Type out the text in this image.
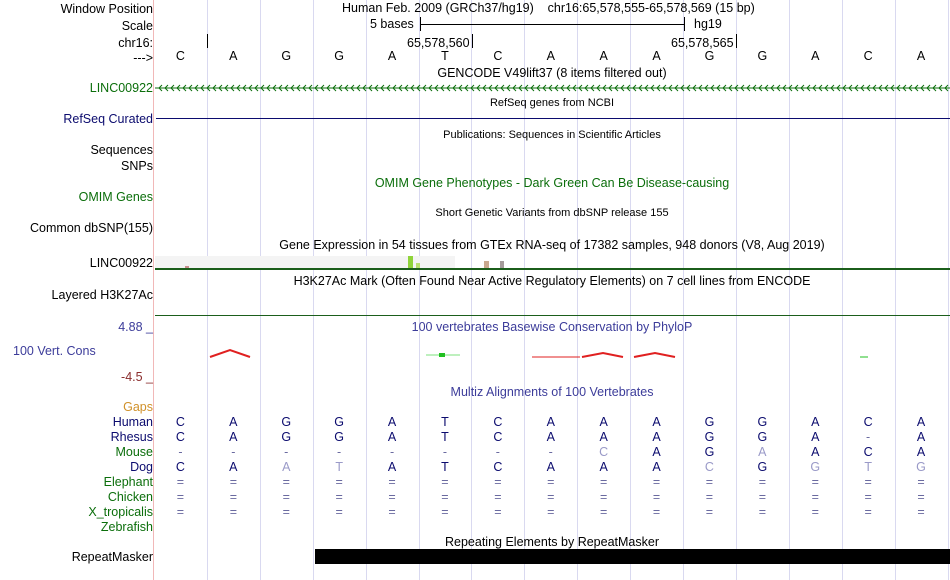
Window Position	Human Feb. 2009 (GRCh37/hg19)    chr16:65,578,555-65,578,569 (15 bp)
Scale	5 bases	hg19
chr16:	65,578,560	65,578,565
---> C	A	G	G	A	T	C	A	A	A	G	G	A	C	A
GENCODE V49lift37 (8 items filtered out)
LINC00922
RefSeq genes from NCBI
RefSeq Curated
Publications: Sequences in Scientific Articles
Sequences
SNPs
OMIM Gene Phenotypes - Dark Green Can Be Disease-causing
OMIM Genes
Short Genetic Variants from dbSNP release 155
Common dbSNP(155)
Gene Expression in 54 tissues from GTEx RNA-seq of 17382 samples, 948 donors (V8, Aug 2019)
LINC00922
H3K27Ac Mark (Often Found Near Active Regulatory Elements) on 7 cell lines from ENCODE
Layered H3K27Ac
4.88 _	100 vertebrates Basewise Conservation by PhyloP
100 Vert. Cons
-4.5 _
Multiz Alignments of 100 Vertebrates
Gaps
Human C	A	G	G	A	T	C	A	A	A	G	G	A	C	A
Rhesus C	A	G	G	A	T	C	A	A	A	G	G	A	-	A
Mouse -	-	-	-	-	-	-	-	C	A	G	A	A	C	A
Dog C	A	A	T	A	T	C	A	A	A	C	G	G	T	G
Elephant =	=	=	=	=	=	=	=	=	=	=	=	=	=	=
Chicken =	=	=	=	=	=	=	=	=	=	=	=	=	=	=
X_tropicalis =	=	=	=	=	=	=	=	=	=	=	=	=	=	=
Zebrafish
Repeating Elements by RepeatMasker
RepeatMasker
